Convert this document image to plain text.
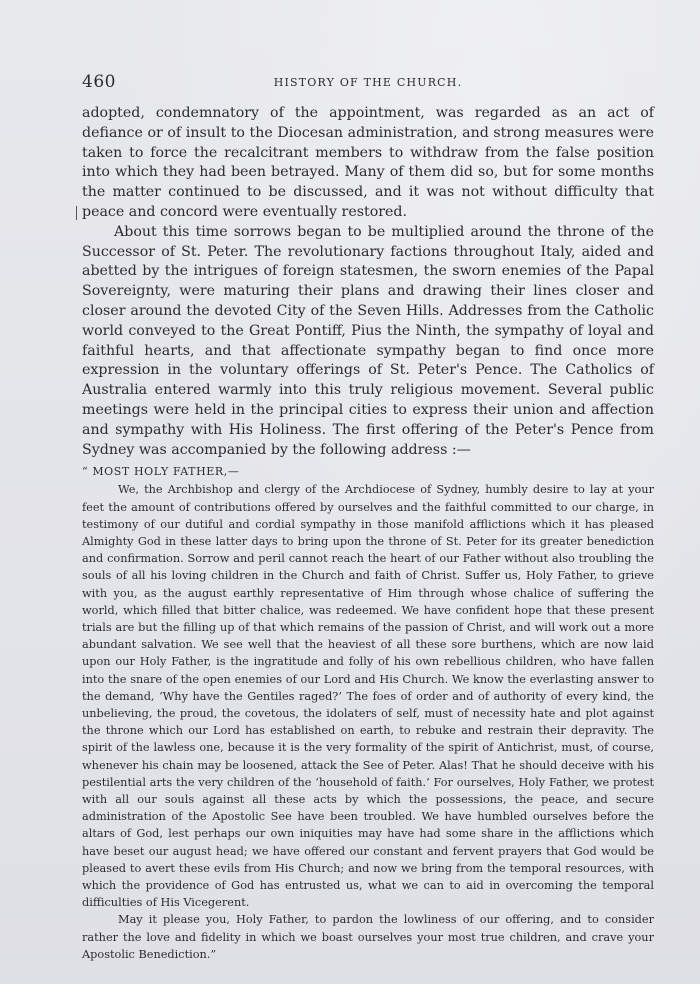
460	HISTORY OF THE CHURCH.

adopted, condemnatory of the appointment, was regarded as an act of defiance or of insult to the Diocesan administration, and strong measures were taken to force the recalcitrant members to withdraw from the false position into which they had been betrayed. Many of them did so, but for some months the matter continued to be discussed, and it was not without difficulty that peace and concord were eventually restored.

About this time sorrows began to be multiplied around the throne of the Successor of St. Peter. The revolutionary factions throughout Italy, aided and abetted by the intrigues of foreign statesmen, the sworn enemies of the Papal Sovereignty, were maturing their plans and drawing their lines closer and closer around the devoted City of the Seven Hills. Addresses from the Catholic world conveyed to the Great Pontiff, Pius the Ninth, the sympathy of loyal and faithful hearts, and that affectionate sympathy began to find once more expression in the voluntary offerings of St. Peter's Pence. The Catholics of Australia entered warmly into this truly religious movement. Several public meetings were held in the principal cities to express their union and affection and sympathy with His Holiness. The first offering of the Peter's Pence from Sydney was accompanied by the following address :—

“ MOST HOLY FATHER,—

We, the Archbishop and clergy of the Archdiocese of Sydney, humbly desire to lay at your feet the amount of contributions offered by ourselves and the faithful committed to our charge, in testimony of our dutiful and cordial sympathy in those manifold afflictions which it has pleased Almighty God in these latter days to bring upon the throne of St. Peter for its greater benediction and confirmation. Sorrow and peril cannot reach the heart of our Father without also troubling the souls of all his loving children in the Church and faith of Christ. Suffer us, Holy Father, to grieve with you, as the august earthly representative of Him through whose chalice of suffering the world, which filled that bitter chalice, was redeemed. We have confident hope that these present trials are but the filling up of that which remains of the passion of Christ, and will work out a more abundant salvation. We see well that the heaviest of all these sore burthens, which are now laid upon our Holy Father, is the ingratitude and folly of his own rebellious children, who have fallen into the snare of the open enemies of our Lord and His Church. We know the everlasting answer to the demand, ‘Why have the Gentiles raged?’ The foes of order and of authority of every kind, the unbelieving, the proud, the covetous, the idolaters of self, must of necessity hate and plot against the throne which our Lord has established on earth, to rebuke and restrain their depravity. The spirit of the lawless one, because it is the very formality of the spirit of Antichrist, must, of course, whenever his chain may be loosened, attack the See of Peter. Alas! That he should deceive with his pestilential arts the very children of the ‘household of faith.’ For ourselves, Holy Father, we protest with all our souls against all these acts by which the possessions, the peace, and secure administration of the Apostolic See have been troubled. We have humbled ourselves before the altars of God, lest perhaps our own iniquities may have had some share in the afflictions which have beset our august head; we have offered our constant and fervent prayers that God would be pleased to avert these evils from His Church; and now we bring from the temporal resources, with which the providence of God has entrusted us, what we can to aid in overcoming the temporal difficulties of His Vicegerent.

May it please you, Holy Father, to pardon the lowliness of our offering, and to consider rather the love and fidelity in which we boast ourselves your most true children, and crave your Apostolic Benediction.”
